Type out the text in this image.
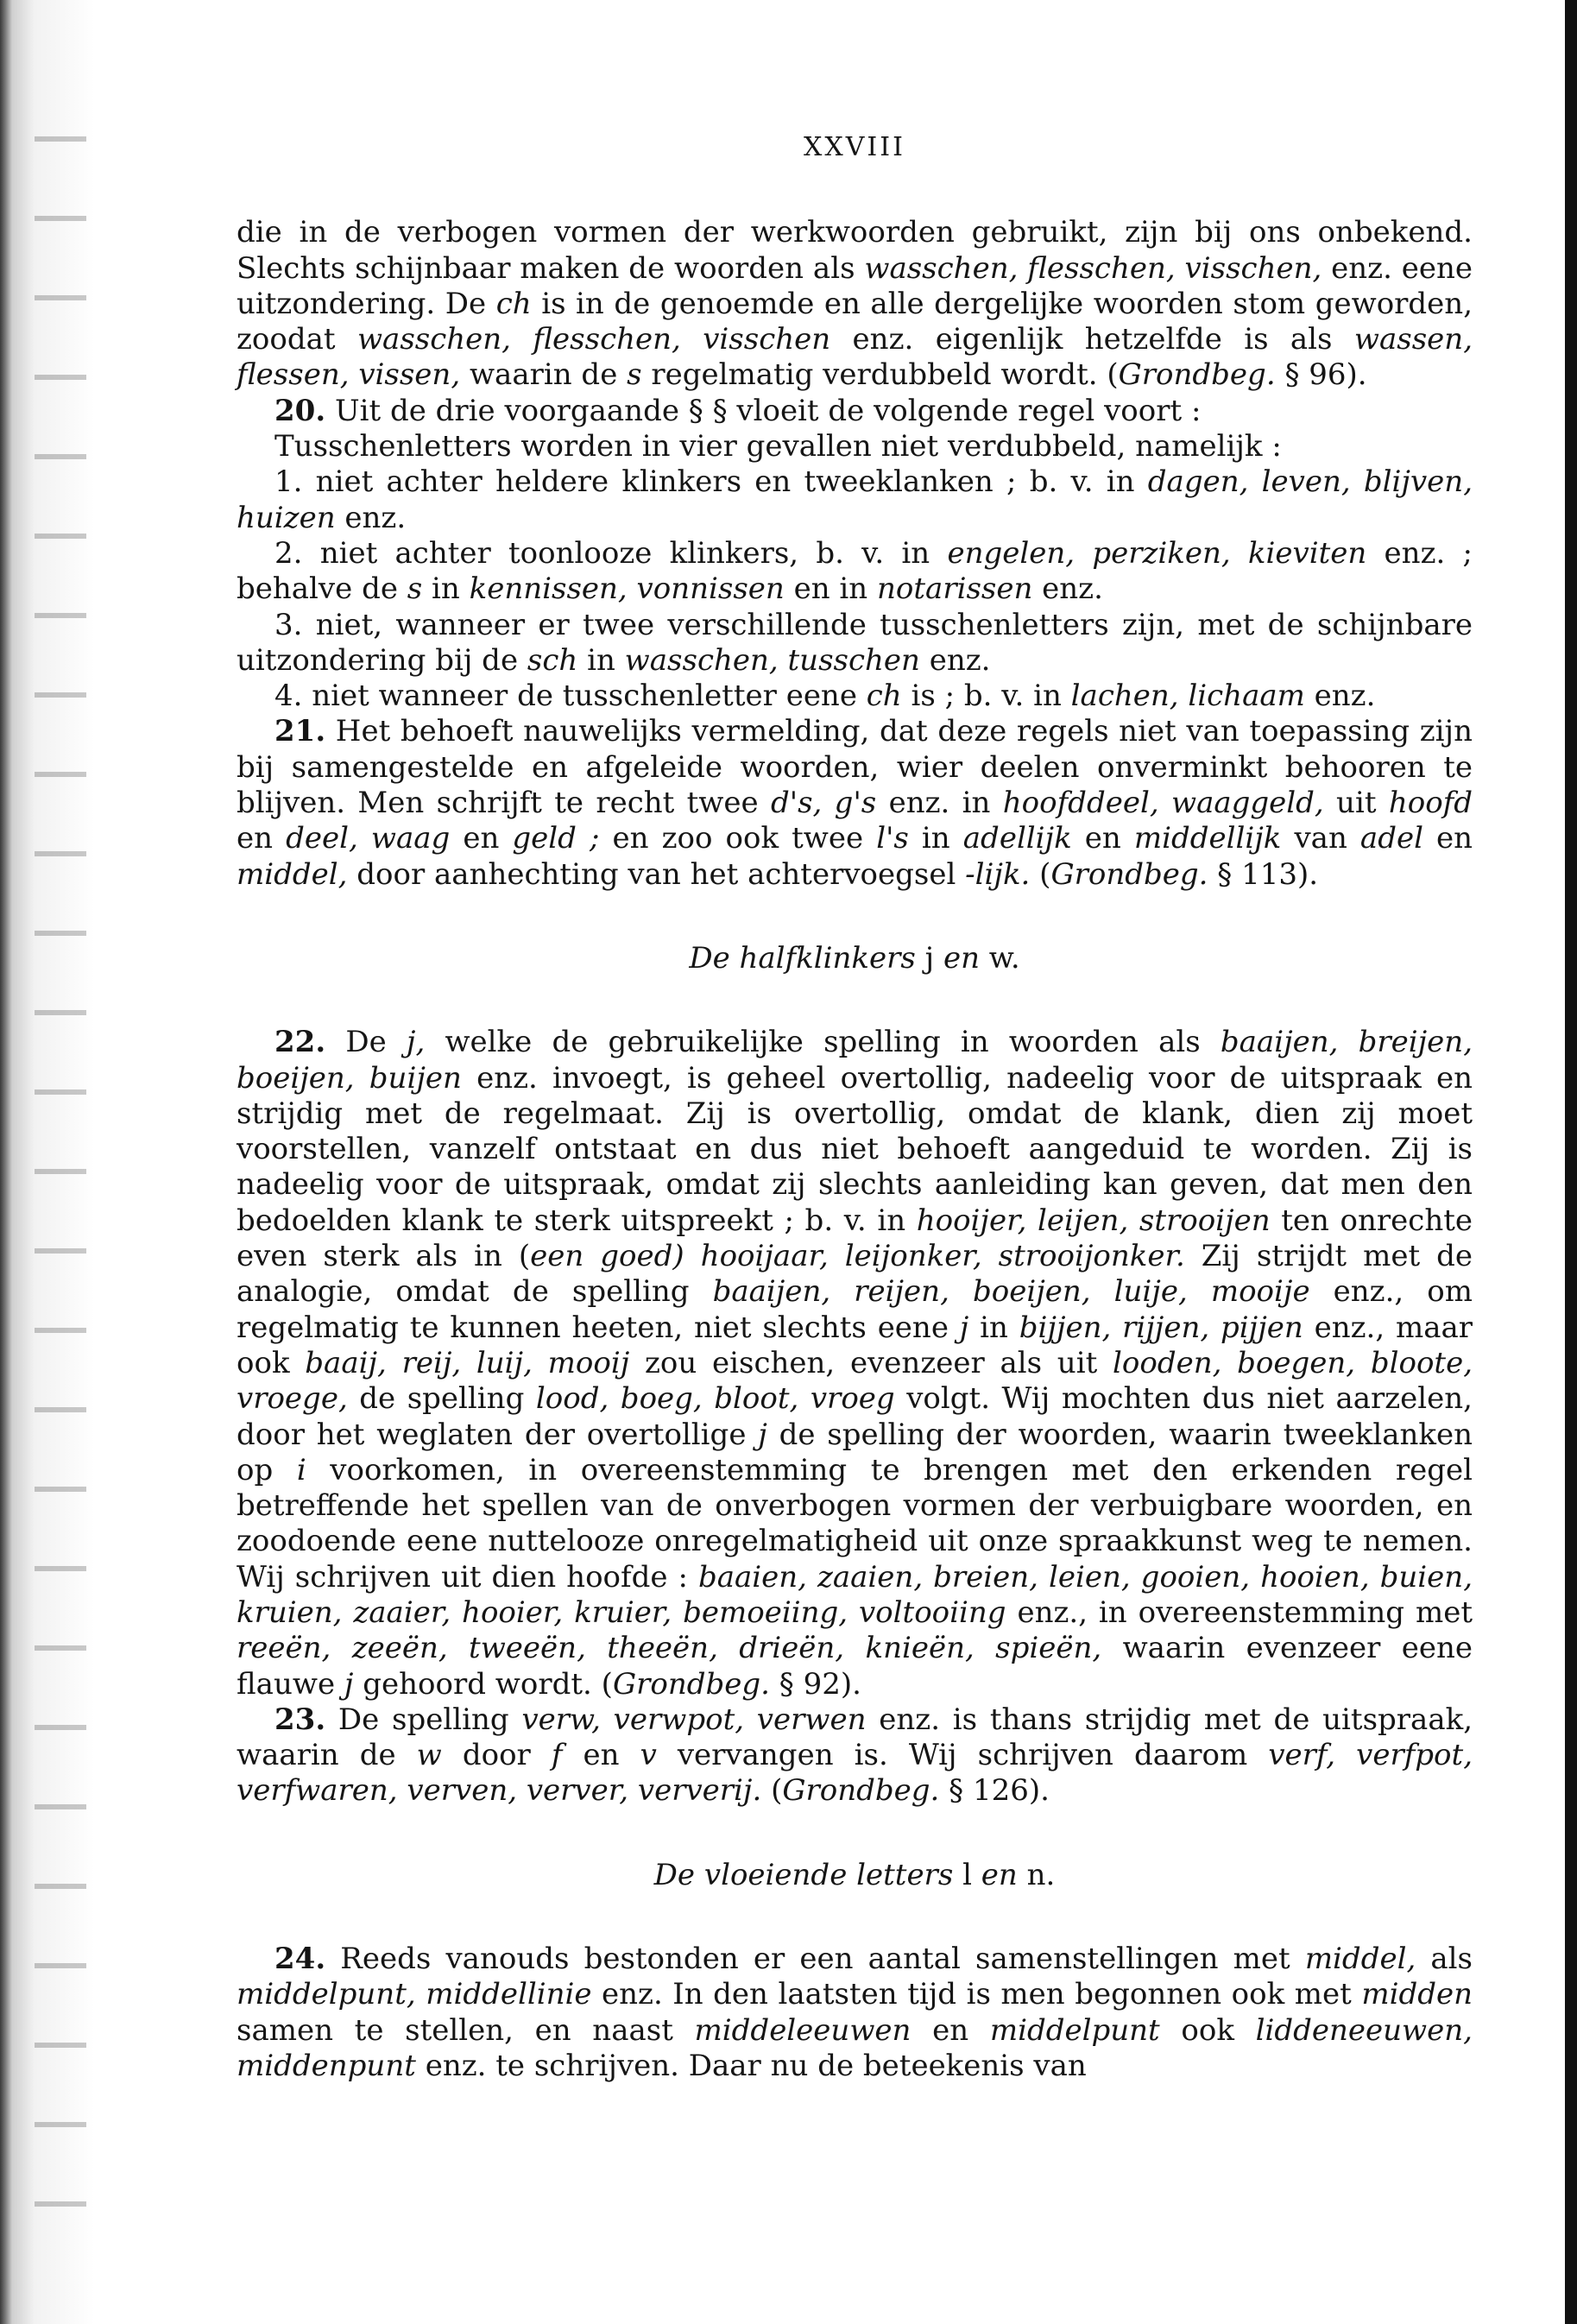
XXVIII

die in de verbogen vormen der werkwoorden gebruikt, zijn bij ons onbekend. Slechts schijnbaar maken de woorden als wasschen, flesschen, visschen, enz. eene uitzondering. De ch is in de genoemde en alle dergelijke woorden stom geworden, zoodat wasschen, flesschen, visschen enz. eigenlijk hetzelfde is als wassen, flessen, vissen, waarin de s regelmatig verdubbeld wordt. (Grondbeg. § 96).

20. Uit de drie voorgaande § § vloeit de volgende regel voort :

Tusschenletters worden in vier gevallen niet verdubbeld, namelijk :

1. niet achter heldere klinkers en tweeklanken ; b. v. in dagen, leven, blijven, huizen enz.

2. niet achter toonlooze klinkers, b. v. in engelen, perziken, kieviten enz. ; behalve de s in kennissen, vonnissen en in notarissen enz.

3. niet, wanneer er twee verschillende tusschenletters zijn, met de schijnbare uitzondering bij de sch in wasschen, tusschen enz.

4. niet wanneer de tusschenletter eene ch is ; b. v. in lachen, lichaam enz.

21. Het behoeft nauwelijks vermelding, dat deze regels niet van toepassing zijn bij samengestelde en afgeleide woorden, wier deelen onverminkt behooren te blijven. Men schrijft te recht twee d's, g's enz. in hoofddeel, waaggeld, uit hoofd en deel, waag en geld ; en zoo ook twee l's in adellijk en middellijk van adel en middel, door aanhechting van het achtervoegsel -lijk. (Grondbeg. § 113).

De halfklinkers j en w.

22. De j, welke de gebruikelijke spelling in woorden als baaijen, breijen, boeijen, buijen enz. invoegt, is geheel overtollig, nadeelig voor de uitspraak en strijdig met de regelmaat. Zij is overtollig, omdat de klank, dien zij moet voorstellen, vanzelf ontstaat en dus niet behoeft aangeduid te worden. Zij is nadeelig voor de uitspraak, omdat zij slechts aanleiding kan geven, dat men den bedoelden klank te sterk uitspreekt ; b. v. in hooijer, leijen, strooijen ten onrechte even sterk als in (een goed) hooijaar, leijonker, strooijonker. Zij strijdt met de analogie, omdat de spelling baaijen, reijen, boeijen, luije, mooije enz., om regelmatig te kunnen heeten, niet slechts eene j in bijjen, rijjen, pijjen enz., maar ook baaij, reij, luij, mooij zou eischen, evenzeer als uit looden, boegen, bloote, vroege, de spelling lood, boeg, bloot, vroeg volgt. Wij mochten dus niet aarzelen, door het weglaten der overtollige j de spelling der woorden, waarin tweeklanken op i voorkomen, in overeenstemming te brengen met den erkenden regel betreffende het spellen van de onverbogen vormen der verbuigbare woorden, en zoodoende eene nuttelooze onregelmatigheid uit onze spraakkunst weg te nemen. Wij schrijven uit dien hoofde : baaien, zaaien, breien, leien, gooien, hooien, buien, kruien, zaaier, hooier, kruier, bemoeiing, voltooiing enz., in overeenstemming met reeën, zeeën, tweeën, theeën, drieën, knieën, spieën, waarin evenzeer eene flauwe j gehoord wordt. (Grondbeg. § 92).

23. De spelling verw, verwpot, verwen enz. is thans strijdig met de uitspraak, waarin de w door f en v vervangen is. Wij schrijven daarom verf, verfpot, verfwaren, verven, verver, ververij. (Grondbeg. § 126).

De vloeiende letters l en n.

24. Reeds vanouds bestonden er een aantal samenstellingen met middel, als middelpunt, middellinie enz. In den laatsten tijd is men begonnen ook met midden samen te stellen, en naast middeleeuwen en middelpunt ook liddeneeuwen, middenpunt enz. te schrijven. Daar nu de beteekenis van
